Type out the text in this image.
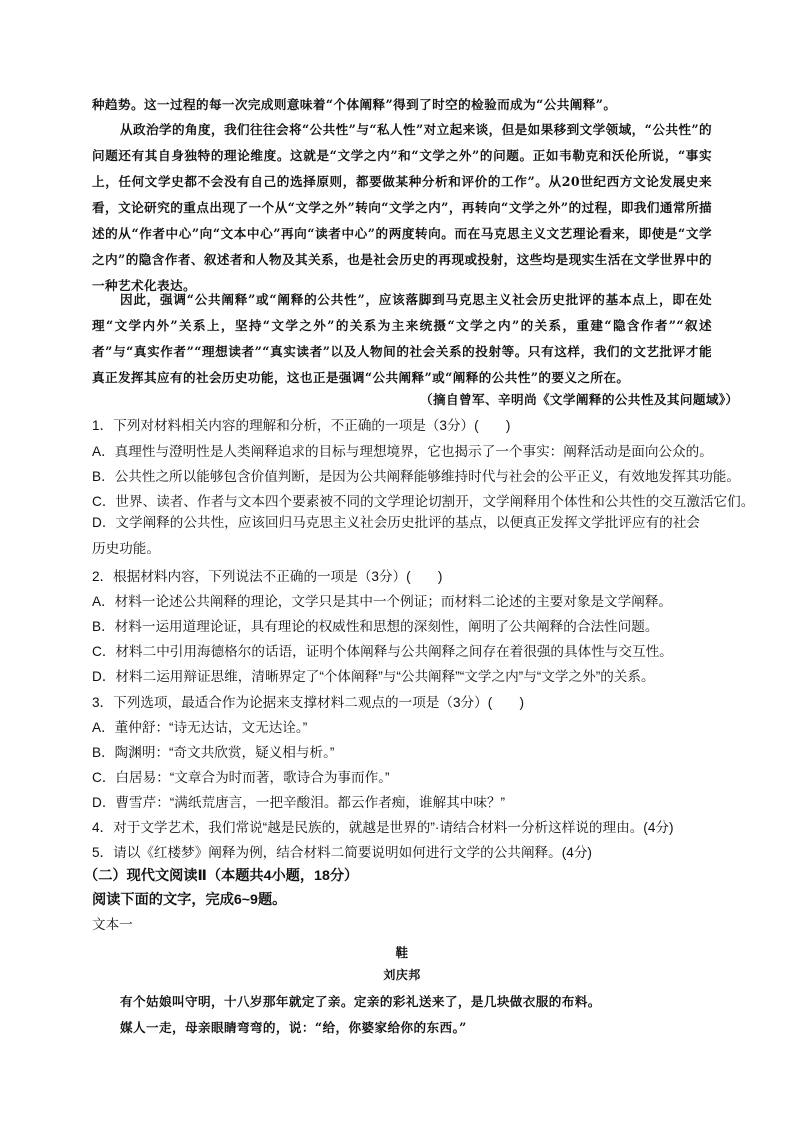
种趋势。这一过程的每一次完成则意味着“个体阐释”得到了时空的检验而成为“公共阐释”。
从政治学的角度，我们往往会将“公共性”与“私人性”对立起来谈，但是如果移到文学领域，“公共性”的问题还有其自身独特的理论维度。这就是“文学之内”和“文学之外”的问题。正如韦勒克和沃伦所说，“事实上，任何文学史都不会没有自己的选择原则，都要做某种分析和评价的工作”。从20世纪西方文论发展史来看，文论研究的重点出现了一个从“文学之外”转向“文学之内”，再转向“文学之外”的过程，即我们通常所描述的从“作者中心”向“文本中心”再向“读者中心”的两度转向。而在马克思主义文艺理论看来，即使是“文学之内”的隐含作者、叙述者和人物及其关系，也是社会历史的再现或投射，这些均是现实生活在文学世界中的一种艺术化表达。
因此，强调“公共阐释”或“阐释的公共性”，应该落脚到马克思主义社会历史批评的基本点上，即在处理“文学内外”关系上，坚持“文学之外”的关系为主来统摄“文学之内”的关系，重建“隐含作者”“叙述者”与“真实作者”“理想读者”“真实读者”以及人物间的社会关系的投射等。只有这样，我们的文艺批评才能真正发挥其应有的社会历史功能，这也正是强调“公共阐释”或“阐释的公共性”的要义之所在。
（摘自曾军、辛明尚《文学阐释的公共性及其问题域》）
1．下列对材料相关内容的理解和分析，不正确的一项是（3分）(　　)
A．真理性与澄明性是人类阐释追求的目标与理想境界，它也揭示了一个事实：阐释活动是面向公众的。
B．公共性之所以能够包含价值判断，是因为公共阐释能够维持时代与社会的公平正义，有效地发挥其功能。
C．世界、读者、作者与文本四个要素被不同的文学理论切割开，文学阐释用个体性和公共性的交互激活它们。
D．文学阐释的公共性，应该回归马克思主义社会历史批评的基点，以便真正发挥文学批评应有的社会历史功能。
2．根据材料内容，下列说法不正确的一项是（3分）(　　)
A．材料一论述公共阐释的理论，文学只是其中一个例证；而材料二论述的主要对象是文学阐释。
B．材料一运用道理论证，具有理论的权威性和思想的深刻性，阐明了公共阐释的合法性问题。
C．材料二中引用海德格尔的话语，证明个体阐释与公共阐释之间存在着很强的具体性与交互性。
D．材料二运用辩证思维，清晰界定了“个体阐释”与“公共阐释”“文学之内”与“文学之外”的关系。
3．下列选项，最适合作为论据来支撑材料二观点的一项是（3分）(　　)
A．董仲舒：“诗无达诂，文无达诠。”
B．陶渊明：“奇文共欣赏，疑义相与析。”
C．白居易：“文章合为时而著，歌诗合为事而作。”
D．曹雪芹：“满纸荒唐言，一把辛酸泪。都云作者痴，谁解其中味？”
4．对于文学艺术，我们常说“越是民族的，就越是世界的”·请结合材料一分析这样说的理由。(4分)
5．请以《红楼梦》阐释为例，结合材料二简要说明如何进行文学的公共阐释。(4分)
（二）现代文阅读Ⅱ（本题共4小题，18分）
阅读下面的文字，完成6~9题。
文本一
鞋
刘庆邦
有个姑娘叫守明，十八岁那年就定了亲。定亲的彩礼送来了，是几块做衣服的布料。
媒人一走，母亲眼睛弯弯的，说：“给，你婆家给你的东西。”
